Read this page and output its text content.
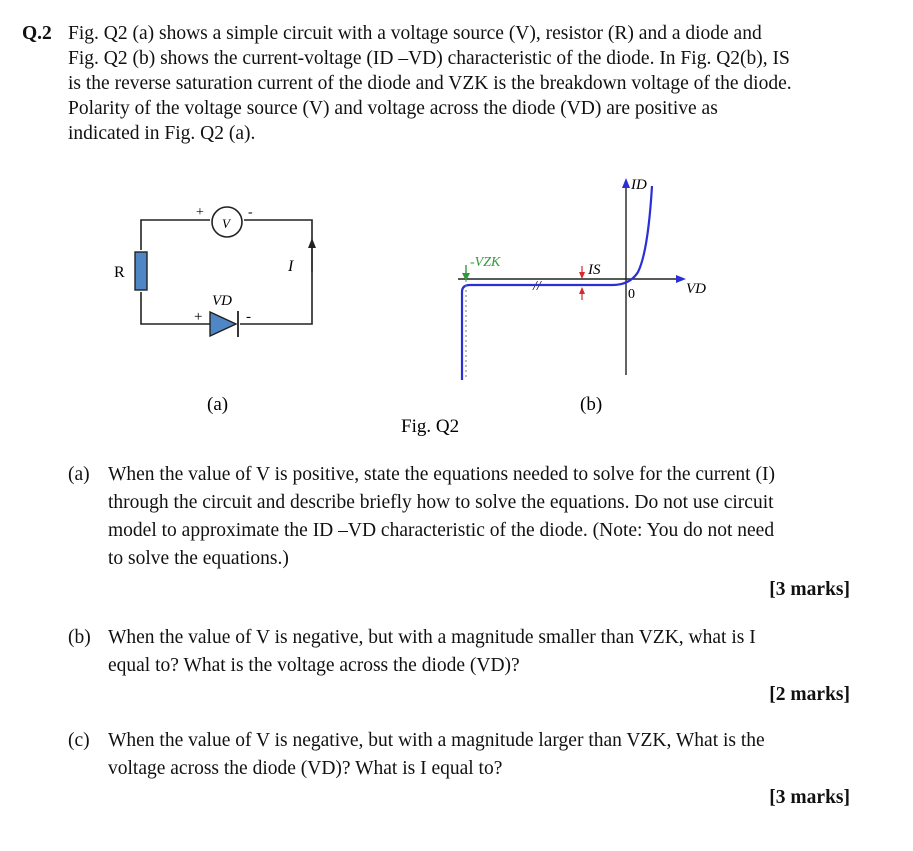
Q.2 Fig. Q2 (a) shows a simple circuit with a voltage source (V), resistor (R) and a diode and
Fig. Q2 (b) shows the current-voltage (ID –VD) characteristic of the diode. In Fig. Q2(b), IS
is the reverse saturation current of the diode and VZK is the breakdown voltage of the diode.
Polarity of the voltage source (V) and voltage across the diode (VD) are positive as
indicated in Fig. Q2 (a).
V
+	-
I
R
VD
+	-
ID
VD
0
//
-VZK	IS
(a)	(b)
Fig. Q2
(a) When the value of V is positive, state the equations needed to solve for the current (I)
through the circuit and describe briefly how to solve the equations. Do not use circuit
model to approximate the ID –VD characteristic of the diode. (Note: You do not need
to solve the equations.)
[3 marks]
(b) When the value of V is negative, but with a magnitude smaller than VZK, what is I
equal to? What is the voltage across the diode (VD)?
[2 marks]
(c) When the value of V is negative, but with a magnitude larger than VZK, What is the
voltage across the diode (VD)? What is I equal to?
[3 marks]
